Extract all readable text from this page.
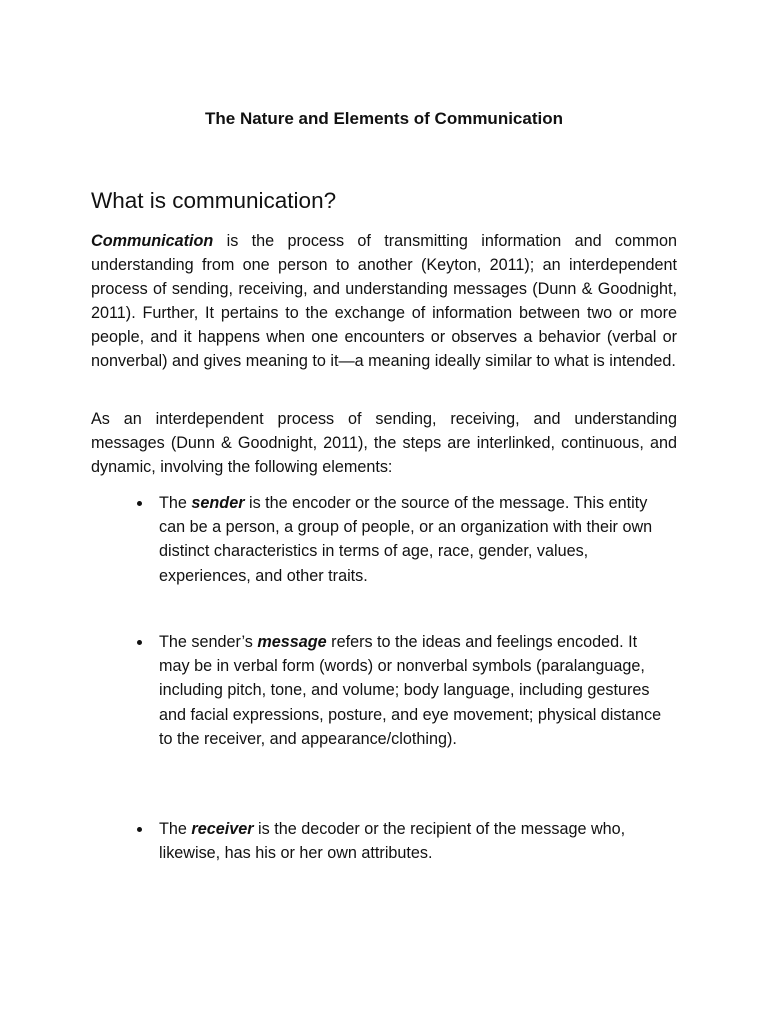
The Nature and Elements of Communication
What is communication?

Communication is the process of transmitting information and common understanding from one person to another (Keyton, 2011); an interdependent process of sending, receiving, and understanding messages (Dunn & Goodnight, 2011). Further, It pertains to the exchange of information between two or more people, and it happens when one encounters or observes a behavior (verbal or nonverbal) and gives meaning to it—a meaning ideally similar to what is intended.

As an interdependent process of sending, receiving, and understanding messages (Dunn & Goodnight, 2011), the steps are interlinked, continuous, and dynamic, involving the following elements:

The sender is the encoder or the source of the message. This entity can be a person, a group of people, or an organization with their own distinct characteristics in terms of age, race, gender, values, experiences, and other traits.
The sender’s message refers to the ideas and feelings encoded. It may be in verbal form (words) or nonverbal symbols (paralanguage, including pitch, tone, and volume; body language, including gestures and facial expressions, posture, and eye movement; physical distance to the receiver, and appearance/clothing).
The receiver is the decoder or the recipient of the message who, likewise, has his or her own attributes.
